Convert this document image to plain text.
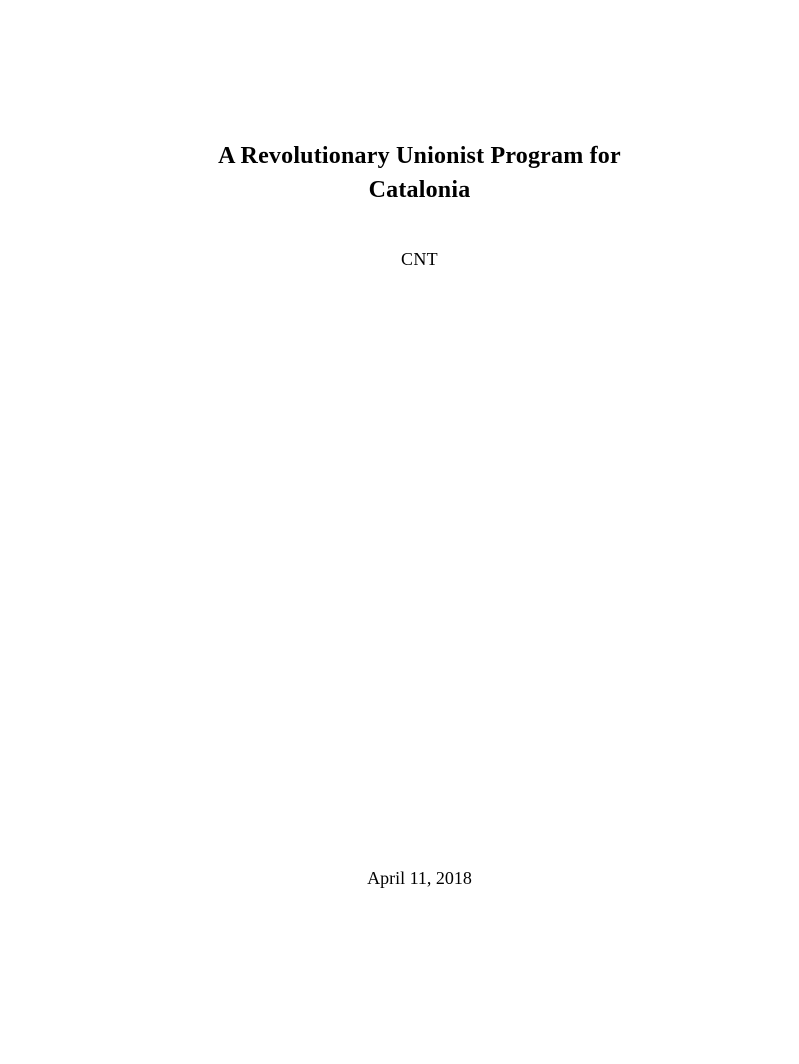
A Revolutionary Unionist Program for
Catalonia
CNT
April 11, 2018
